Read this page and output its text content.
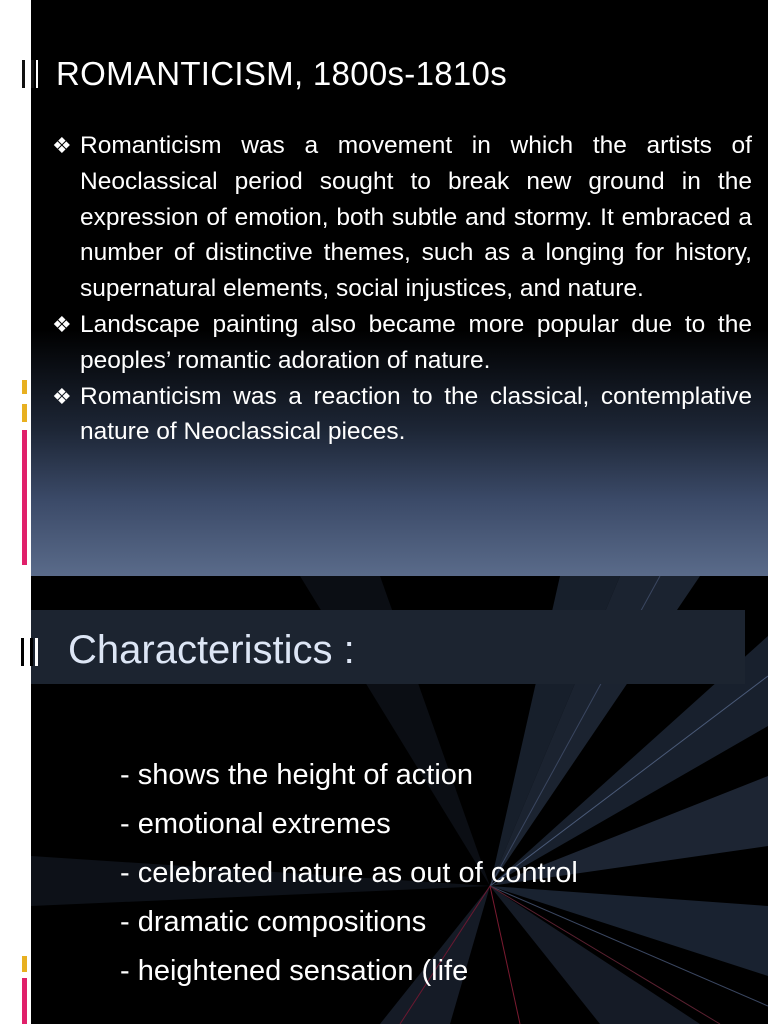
ROMANTICISM, 1800s-1810s
❖ Romanticism was a movement in which the artists of Neoclassical period sought to break new ground in the expression of emotion, both subtle and stormy. It embraced a number of distinctive themes, such as a longing for history, supernatural elements, social injustices, and nature.
❖ Landscape painting also became more popular due to the peoples’ romantic adoration of nature.
❖ Romanticism was a reaction to the classical, contemplative nature of Neoclassical pieces.
Characteristics :
- shows the height of action
- emotional extremes
- celebrated nature as out of control
- dramatic compositions
- heightened sensation (life
